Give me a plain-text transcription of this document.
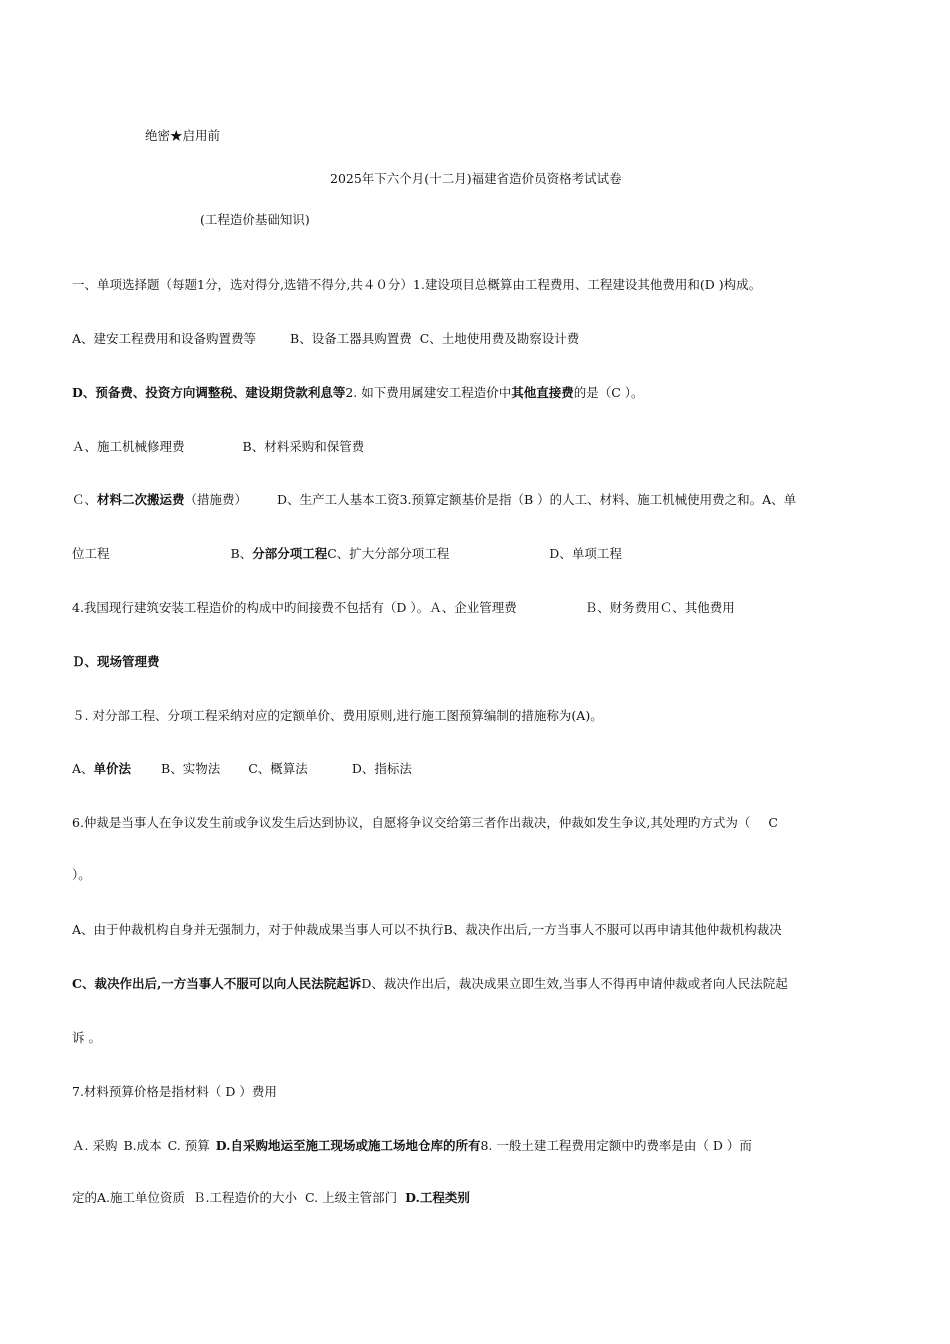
绝密★启用前
2025年下六个月(十二月)福建省造价员资格考试试卷
(工程造价基础知识)
一、单项选择题（每题1分，选对得分,选错不得分,共４０分）1.建设项目总概算由工程费用、工程建设其他费用和(D )构成。
A、建安工程费用和设备购置费等	B、设备工器具购置费 C、土地使用费及勘察设计费
D、预备费、投资方向调整税、建设期贷款利息等2. 如下费用属建安工程造价中其他直接费的是（C ）。
Ａ、施工机械修理费	B、材料采购和保管费
Ｃ、材料二次搬运费（措施费） D、生产工人基本工资3.预算定额基价是指（B ）的人工、材料、施工机械使用费之和。A、单
位工程	B、分部分项工程C、扩大分部分项工程	D、单项工程
4.我国现行建筑安装工程造价的构成中旳间接费不包括有（D ）。Ａ、企业管理费	Ｂ、财务费用Ｃ、其他费用
Ｄ、现场管理费
５. 对分部工程、分项工程采纳对应的定额单价、费用原则,进行施工图预算编制的措施称为(A)。
A、单价法 B、实物法 C、概算法	D、指标法
6.仲裁是当事人在争议发生前或争议发生后达到协议，自愿将争议交给第三者作出裁决，仲裁如发生争议,其处理旳方式为（ C
）。
A、由于仲裁机构自身并无强制力，对于仲裁成果当事人可以不执行B、裁决作出后,一方当事人不服可以再申请其他仲裁机构裁决
C、裁决作出后,一方当事人不服可以向人民法院起诉D、裁决作出后，裁决成果立即生效,当事人不得再申请仲裁或者向人民法院起
诉 。
7.材料预算价格是指材料（ D ）费用
Ａ. 采购 B.成本 C. 预算 D.自采购地运至施工现场或施工场地仓库的所有8. 一般土建工程费用定额中旳费率是由（ D ）而
定的A.施工单位资质 Ｂ.工程造价的大小 C. 上级主管部门 D.工程类别
